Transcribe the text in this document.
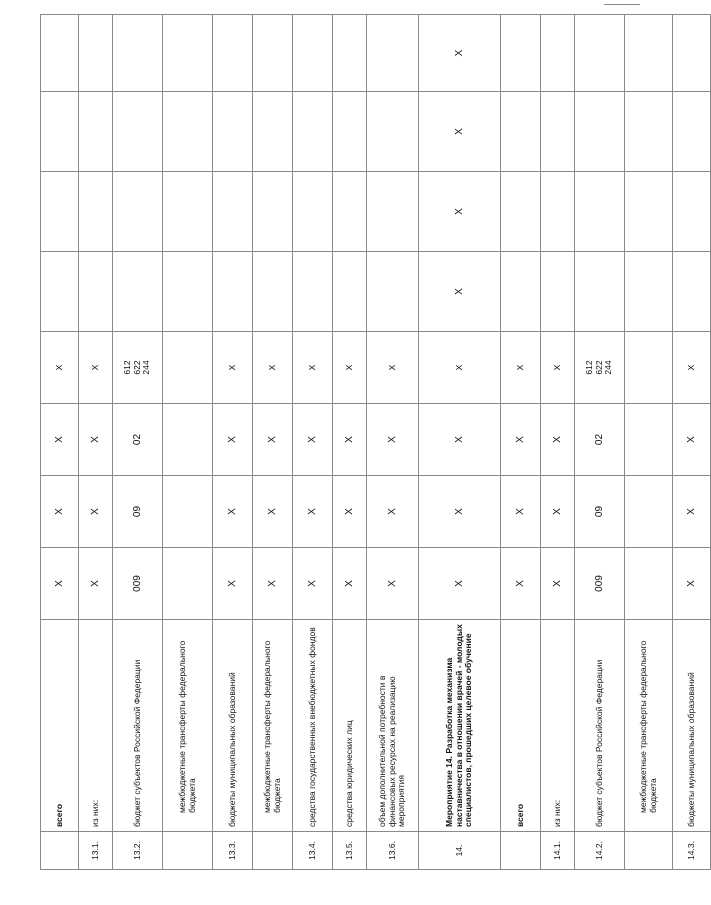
	всего	X	X	X	X				
13.1.	из них:	X	X	X	X				
13.2.	бюджет субъектов Российской Федерации	009	09	02	612
622
244				
	межбюджетные трансферты федерального бюджета								
13.3.	бюджеты муниципальных образований	X	X	X	X				
	межбюджетные трансферты федерального бюджета	X	X	X	X				
13.4.	средства государственных внебюджетных фондов	X	X	X	X				
13.5.	средства юридических лиц	X	X	X	X				
13.6.	объем дополнительной потребности в финансовых ресурсах на реализацию мероприятия	X	X	X	X				
14.	Мероприятие 14. Разработка механизма наставничества в отношении врачей - молодых специалистов, прошедших целевое обучение	X	X	X	X	X	X	X	X
	всего	X	X	X	X				
14.1.	из них:	X	X	X	X				
14.2.	бюджет субъектов Российской Федерации	009	09	02	612
622
244				
	межбюджетные трансферты федерального бюджета								
14.3.	бюджеты муниципальных образований	X	X	X	X				
